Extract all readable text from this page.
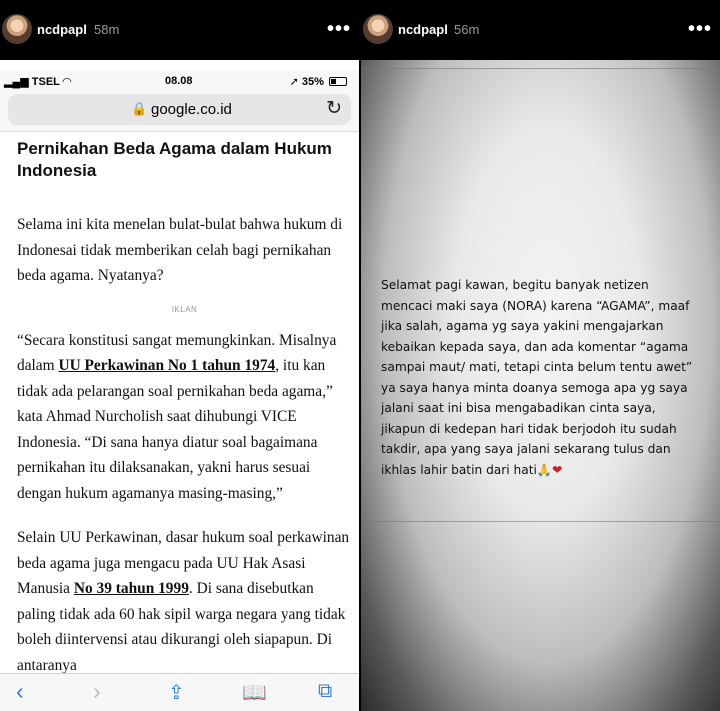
ncdpapl 58m	•••
▂▄▆ TSEL ◠	08.08	➚ 35%
🔒 google.co.id	↻
Pernikahan Beda Agama dalam Hukum Indonesia

Selama ini kita menelan bulat-bulat bahwa hukum di Indonesai tidak memberikan celah bagi pernikahan beda agama. Nyatanya?

IKLAN

“Secara konstitusi sangat memungkinkan. Misalnya dalam UU Perkawinan No 1 tahun 1974, itu kan tidak ada pelarangan soal pernikahan beda agama,” kata Ahmad Nurcholish saat dihubungi VICE Indonesia. “Di sana hanya diatur soal bagaimana pernikahan itu dilaksanakan, yakni harus sesuai dengan hukum agamanya masing-masing,”

Selain UU Perkawinan, dasar hukum soal perkawinan beda agama juga mengacu pada UU Hak Asasi Manusia No 39 tahun 1999. Di sana disebutkan paling tidak ada 60 hak sipil warga negara yang tidak boleh diintervensi atau dikurangi oleh siapapun. Di antaranya

‹	›	⇪	📖	⧉
ncdpapl 56m	•••
Selamat pagi kawan, begitu banyak netizen mencaci maki saya (NORA) karena “AGAMA”, maaf jika salah, agama yg saya yakini mengajarkan kebaikan kepada saya, dan ada komentar “agama sampai maut/ mati, tetapi cinta belum tentu awet” ya saya hanya minta doanya semoga apa yg saya jalani saat ini bisa mengabadikan cinta saya, jikapun di kedepan hari tidak berjodoh itu sudah takdir, apa yang saya jalani sekarang tulus dan ikhlas lahir batin dari hati🙏❤
